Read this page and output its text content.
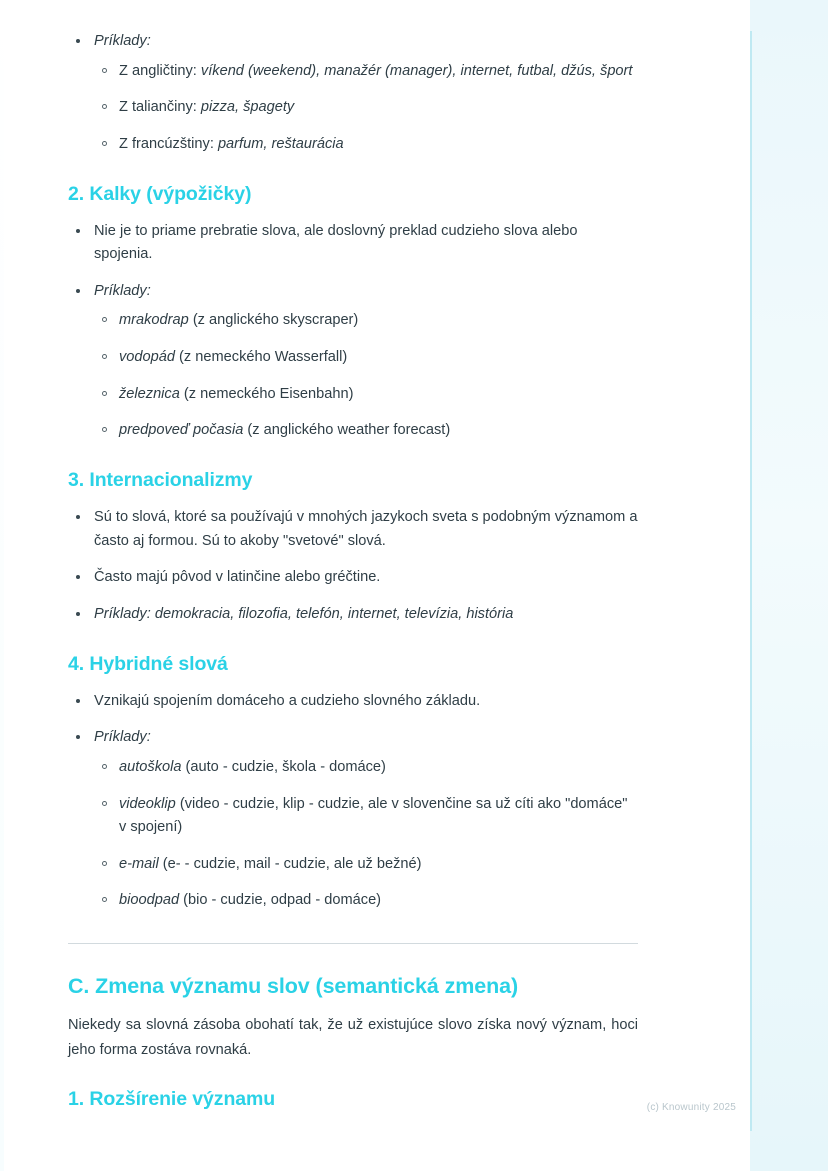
Príklady:
Z angličtiny: víkend (weekend), manažér (manager), internet, futbal, džús, šport
Z taliančiny: pizza, špagety
Z francúzštiny: parfum, reštaurácia
2. Kalky (výpožičky)
Nie je to priame prebratie slova, ale doslovný preklad cudzieho slova alebo spojenia.
Príklady:
mrakodrap (z anglického skyscraper)
vodopád (z nemeckého Wasserfall)
železnica (z nemeckého Eisenbahn)
predpoveď počasia (z anglického weather forecast)
3. Internacionalizmy
Sú to slová, ktoré sa používajú v mnohých jazykoch sveta s podobným významom a často aj formou. Sú to akoby "svetové" slová.
Často majú pôvod v latinčine alebo gréčtine.
Príklady: demokracia, filozofia, telefón, internet, televízia, história
4. Hybridné slová
Vznikajú spojením domáceho a cudzieho slovného základu.
Príklady:
autoškola (auto - cudzie, škola - domáce)
videoklip (video - cudzie, klip - cudzie, ale v slovenčine sa už cíti ako "domáce" v spojení)
e-mail (e- - cudzie, mail - cudzie, ale už bežné)
bioodpad (bio - cudzie, odpad - domáce)
C. Zmena významu slov (semantická zmena)

Niekedy sa slovná zásoba obohatí tak, že už existujúce slovo získa nový význam, hoci jeho forma zostáva rovnaká.

1. Rozšírenie významu	(c) Knowunity 2025
